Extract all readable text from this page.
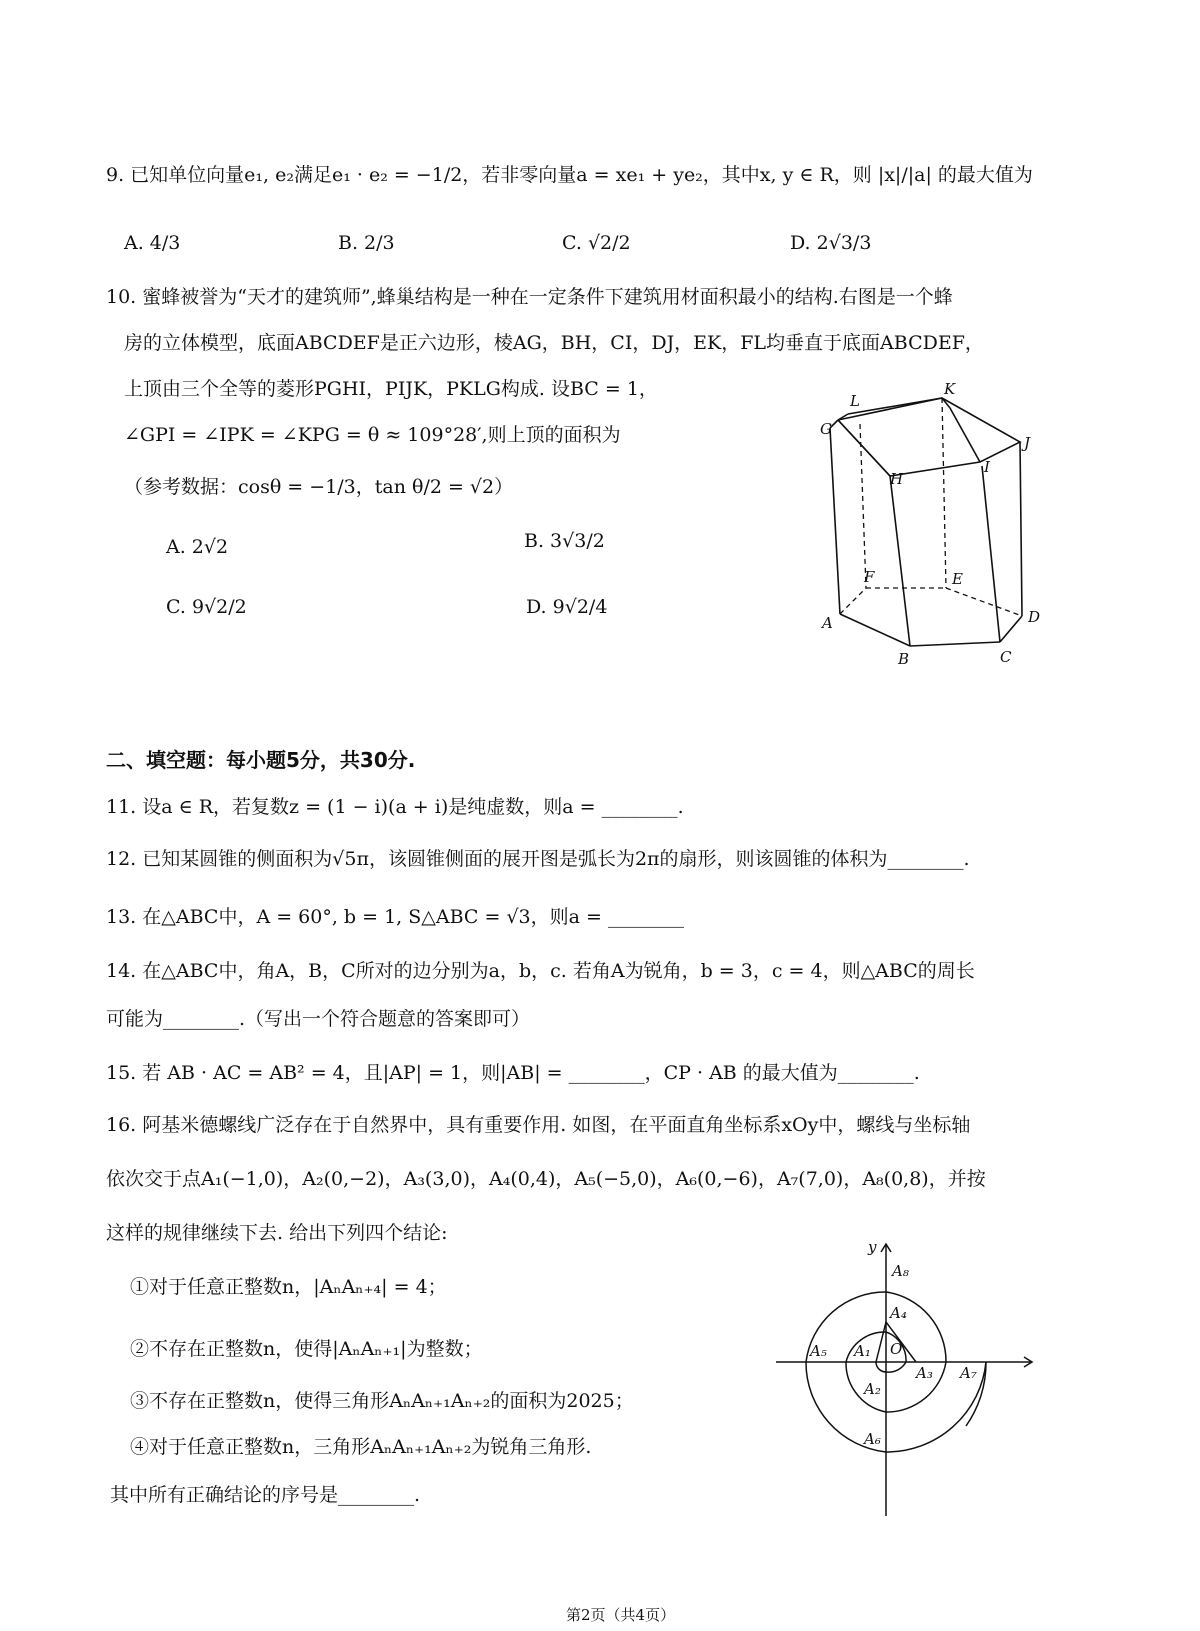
9. 已知单位向量e₁, e₂满足e₁ · e₂ = −1/2，若非零向量a = xe₁ + ye₂，其中x, y ∈ R，则 |x|/|a| 的最大值为
A. 4/3	B. 2/3	C. √2/2	D. 2√3/3
10. 蜜蜂被誉为“天才的建筑师”,蜂巢结构是一种在一定条件下建筑用材面积最小的结构.右图是一个蜂
房的立体模型，底面ABCDEF是正六边形，棱AG，BH，CI，DJ，EK，FL均垂直于底面ABCDEF，
上顶由三个全等的菱形PGHI，PIJK，PKLG构成. 设BC = 1，
∠GPI = ∠IPK = ∠KPG = θ ≈ 109°28′,则上顶的面积为
（参考数据：cosθ = −1/3，tan θ/2 = √2）
A. 2√2	B. 3√3/2
C. 9√2/2	D. 9√2/4
G
L
K
J
I
H
F	E
A
B	C
D
二、填空题：每小题5分，共30分.
11. 设a ∈ R，若复数z = (1 − i)(a + i)是纯虚数，则a = ________.
12. 已知某圆锥的侧面积为√5π，该圆锥侧面的展开图是弧长为2π的扇形，则该圆锥的体积为________.
13. 在△ABC中，A = 60°, b = 1, S△ABC = √3，则a = ________
14. 在△ABC中，角A，B，C所对的边分别为a，b，c. 若角A为锐角，b = 3，c = 4，则△ABC的周长
可能为________.（写出一个符合题意的答案即可）
15. 若 AB · AC = AB² = 4，且|AP| = 1，则|AB| = ________，CP · AB 的最大值为________.
16. 阿基米德螺线广泛存在于自然界中，具有重要作用. 如图，在平面直角坐标系xOy中，螺线与坐标轴
依次交于点A₁(−1,0)，A₂(0,−2)，A₃(3,0)，A₄(0,4)，A₅(−5,0)，A₆(0,−6)，A₇(7,0)，A₈(0,8)，并按
这样的规律继续下去. 给出下列四个结论:
①对于任意正整数n，|AₙAₙ₊₄| = 4；
②不存在正整数n，使得|AₙAₙ₊₁|为整数；
③不存在正整数n，使得三角形AₙAₙ₊₁Aₙ₊₂的面积为2025；
④对于任意正整数n，三角形AₙAₙ₊₁Aₙ₊₂为锐角三角形.
其中所有正确结论的序号是________.
y
A₈
A₄
A₅ A₁ O
A₃ A₇
A₂
A₆
第2页（共4页）
